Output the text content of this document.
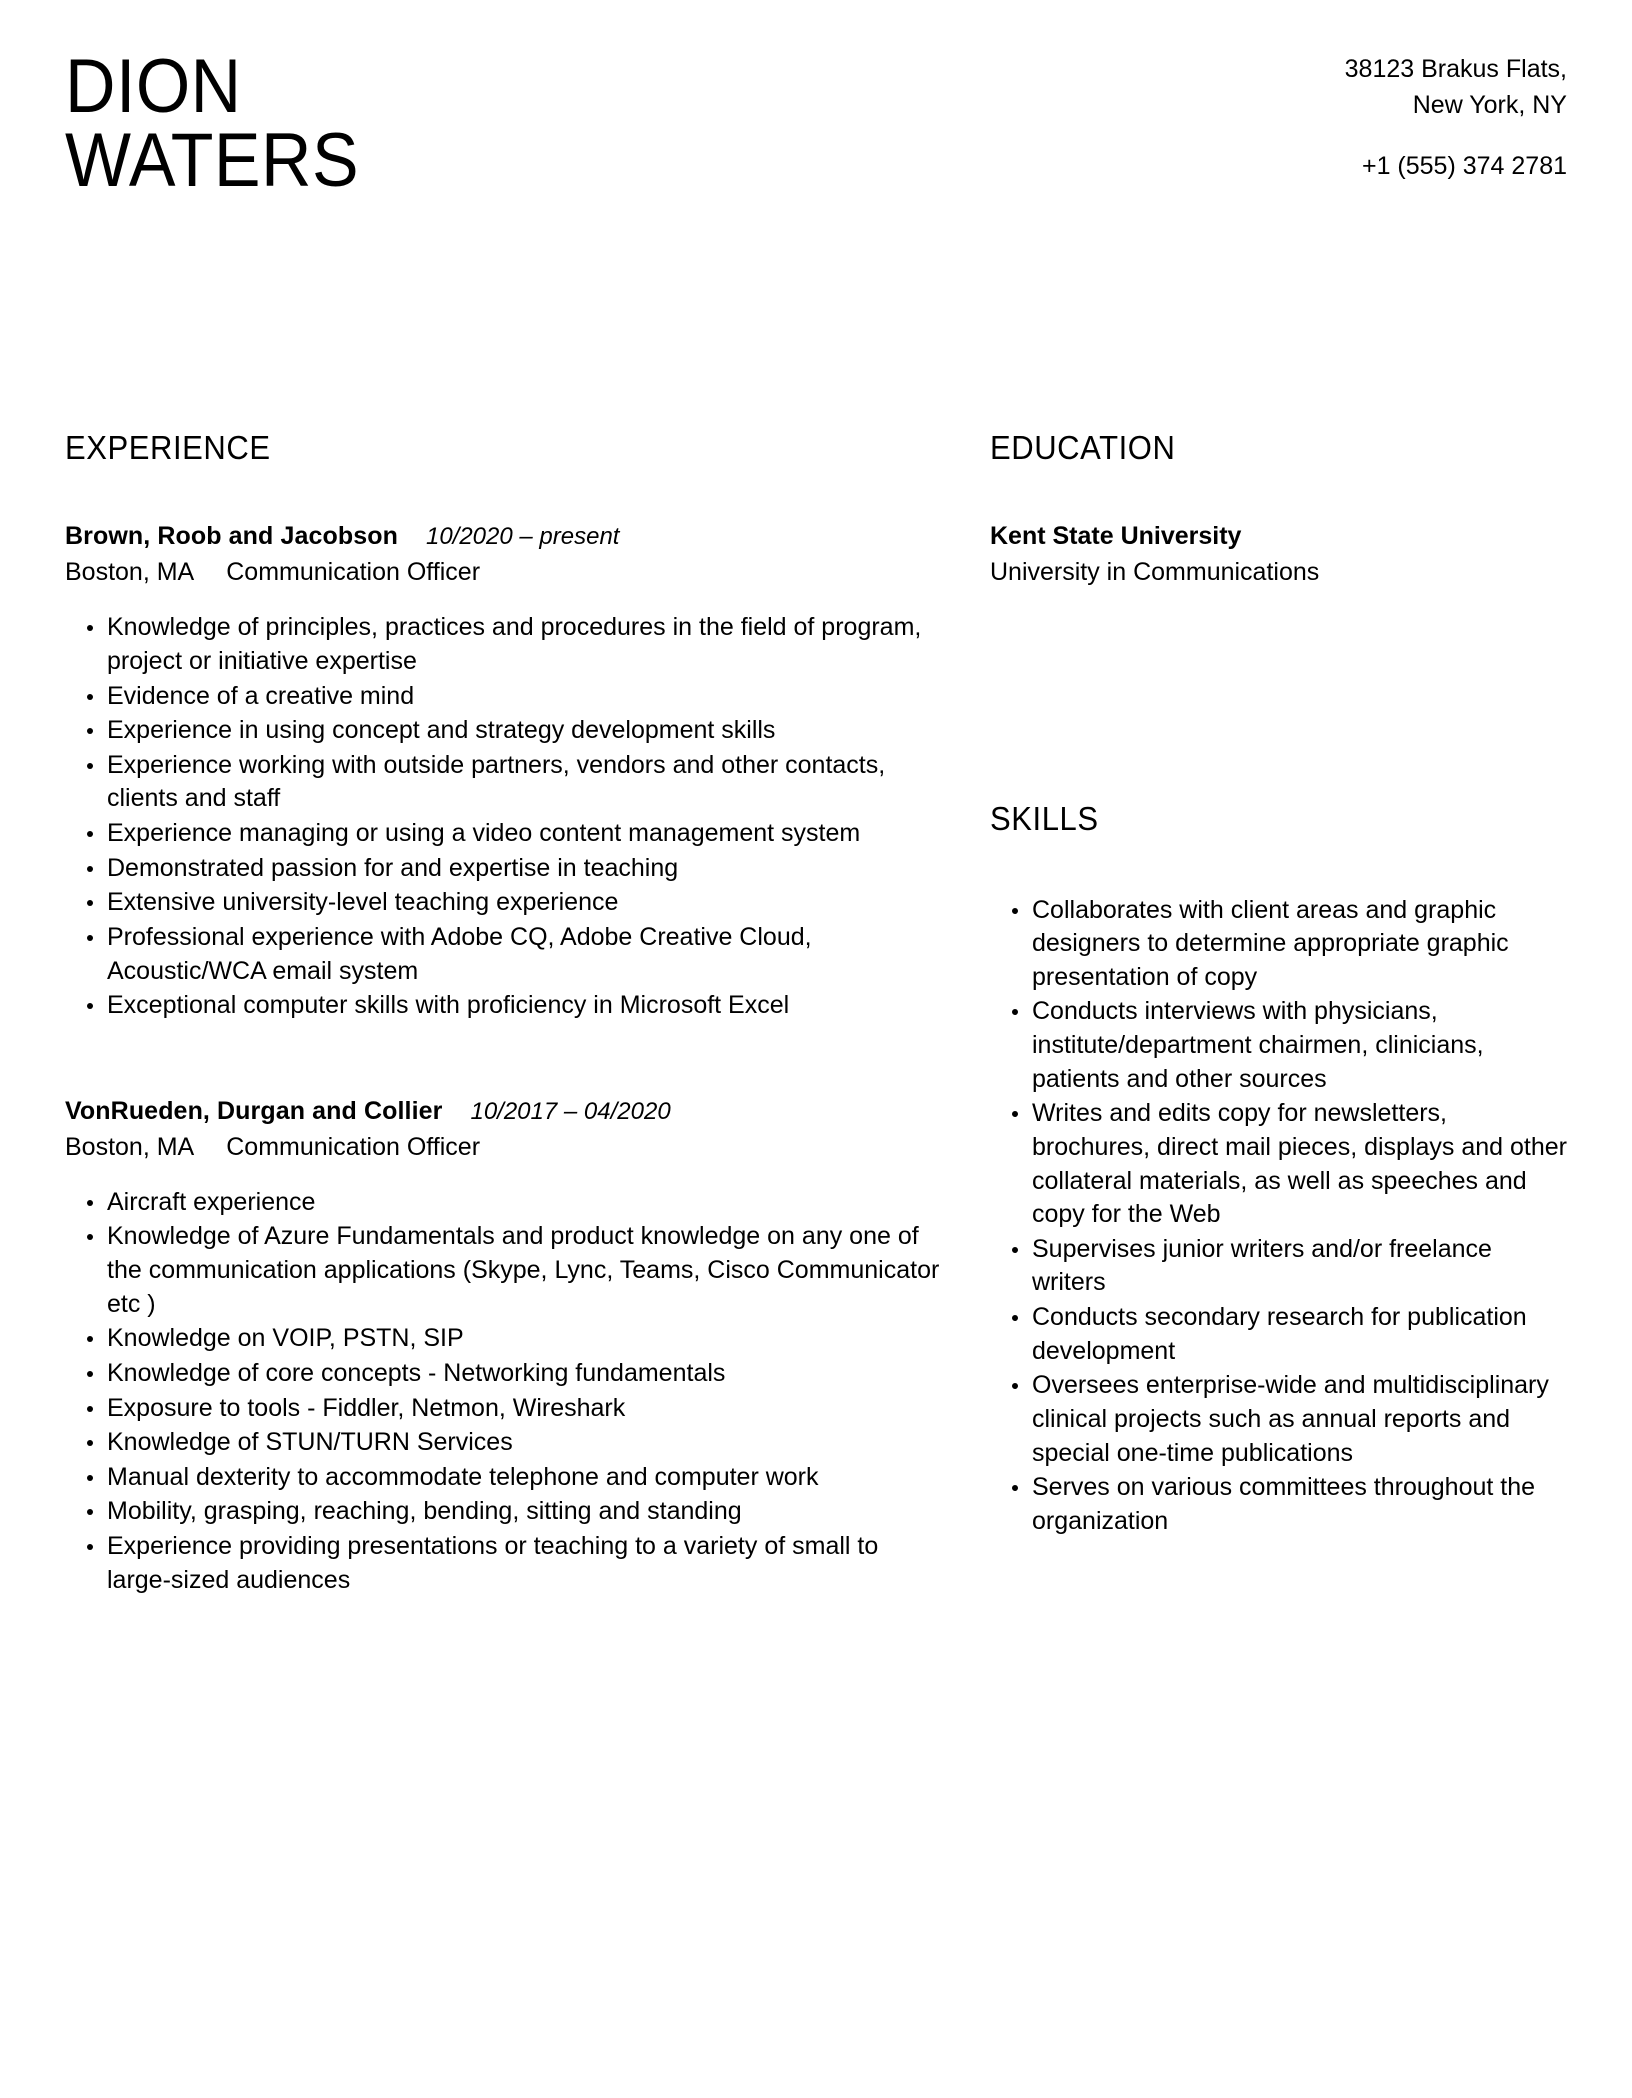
DION
WATERS
38123 Brakus Flats,
New York, NY
+1 (555) 374 2781
EXPERIENCE
Brown, Roob and Jacobson 10/2020 – present
Boston, MA Communication Officer
Knowledge of principles, practices and procedures in the field of program, project or initiative expertise
Evidence of a creative mind
Experience in using concept and strategy development skills
Experience working with outside partners, vendors and other contacts, clients and staff
Experience managing or using a video content management system
Demonstrated passion for and expertise in teaching
Extensive university-level teaching experience
Professional experience with Adobe CQ, Adobe Creative Cloud, Acoustic/WCA email system
Exceptional computer skills with proficiency in Microsoft Excel
VonRueden, Durgan and Collier 10/2017 – 04/2020
Boston, MA Communication Officer
Aircraft experience
Knowledge of Azure Fundamentals and product knowledge on any one of the communication applications (Skype, Lync, Teams, Cisco Communicator etc )
Knowledge on VOIP, PSTN, SIP
Knowledge of core concepts - Networking fundamentals
Exposure to tools - Fiddler, Netmon, Wireshark
Knowledge of STUN/TURN Services
Manual dexterity to accommodate telephone and computer work
Mobility, grasping, reaching, bending, sitting and standing
Experience providing presentations or teaching to a variety of small to large-sized audiences
EDUCATION
Kent State University
University in Communications
SKILLS
Collaborates with client areas and graphic designers to determine appropriate graphic presentation of copy
Conducts interviews with physicians, institute/department chairmen, clinicians, patients and other sources
Writes and edits copy for newsletters, brochures, direct mail pieces, displays and other collateral materials, as well as speeches and copy for the Web
Supervises junior writers and/or freelance writers
Conducts secondary research for publication development
Oversees enterprise-wide and multidisciplinary clinical projects such as annual reports and special one-time publications
Serves on various committees throughout the organization
